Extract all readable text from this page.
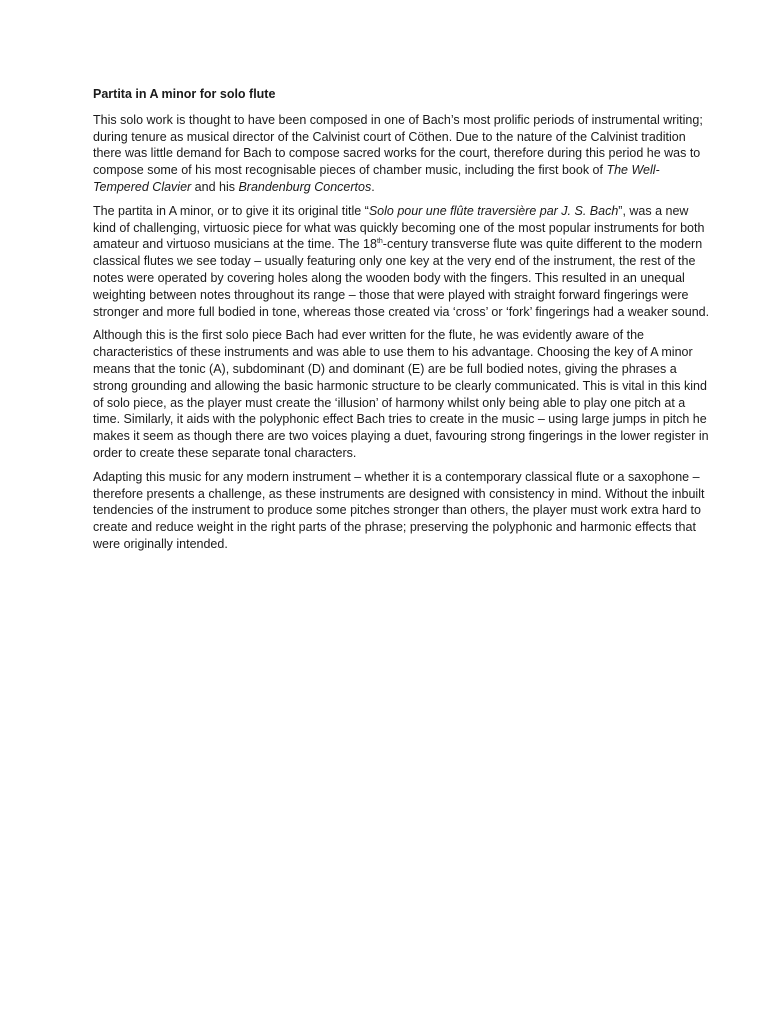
Partita in A minor for solo flute

This solo work is thought to have been composed in one of Bach’s most prolific periods of instrumental writing; during tenure as musical director of the Calvinist court of Cöthen. Due to the nature of the Calvinist tradition there was little demand for Bach to compose sacred works for the court, therefore during this period he was to compose some of his most recognisable pieces of chamber music, including the first book of The Well-Tempered Clavier and his Brandenburg Concertos.

The partita in A minor, or to give it its original title “Solo pour une flûte traversière par J. S. Bach”, was a new kind of challenging, virtuosic piece for what was quickly becoming one of the most popular instruments for both amateur and virtuoso musicians at the time. The 18th-century transverse flute was quite different to the modern classical flutes we see today – usually featuring only one key at the very end of the instrument, the rest of the notes were operated by covering holes along the wooden body with the fingers. This resulted in an unequal weighting between notes throughout its range – those that were played with straight forward fingerings were stronger and more full bodied in tone, whereas those created via ‘cross’ or ‘fork’ fingerings had a weaker sound.

Although this is the first solo piece Bach had ever written for the flute, he was evidently aware of the characteristics of these instruments and was able to use them to his advantage. Choosing the key of A minor means that the tonic (A), subdominant (D) and dominant (E) are be full bodied notes, giving the phrases a strong grounding and allowing the basic harmonic structure to be clearly communicated. This is vital in this kind of solo piece, as the player must create the ‘illusion’ of harmony whilst only being able to play one pitch at a time. Similarly, it aids with the polyphonic effect Bach tries to create in the music – using large jumps in pitch he makes it seem as though there are two voices playing a duet, favouring strong fingerings in the lower register in order to create these separate tonal characters.

Adapting this music for any modern instrument – whether it is a contemporary classical flute or a saxophone – therefore presents a challenge, as these instruments are designed with consistency in mind. Without the inbuilt tendencies of the instrument to produce some pitches stronger than others, the player must work extra hard to create and reduce weight in the right parts of the phrase; preserving the polyphonic and harmonic effects that were originally intended.
